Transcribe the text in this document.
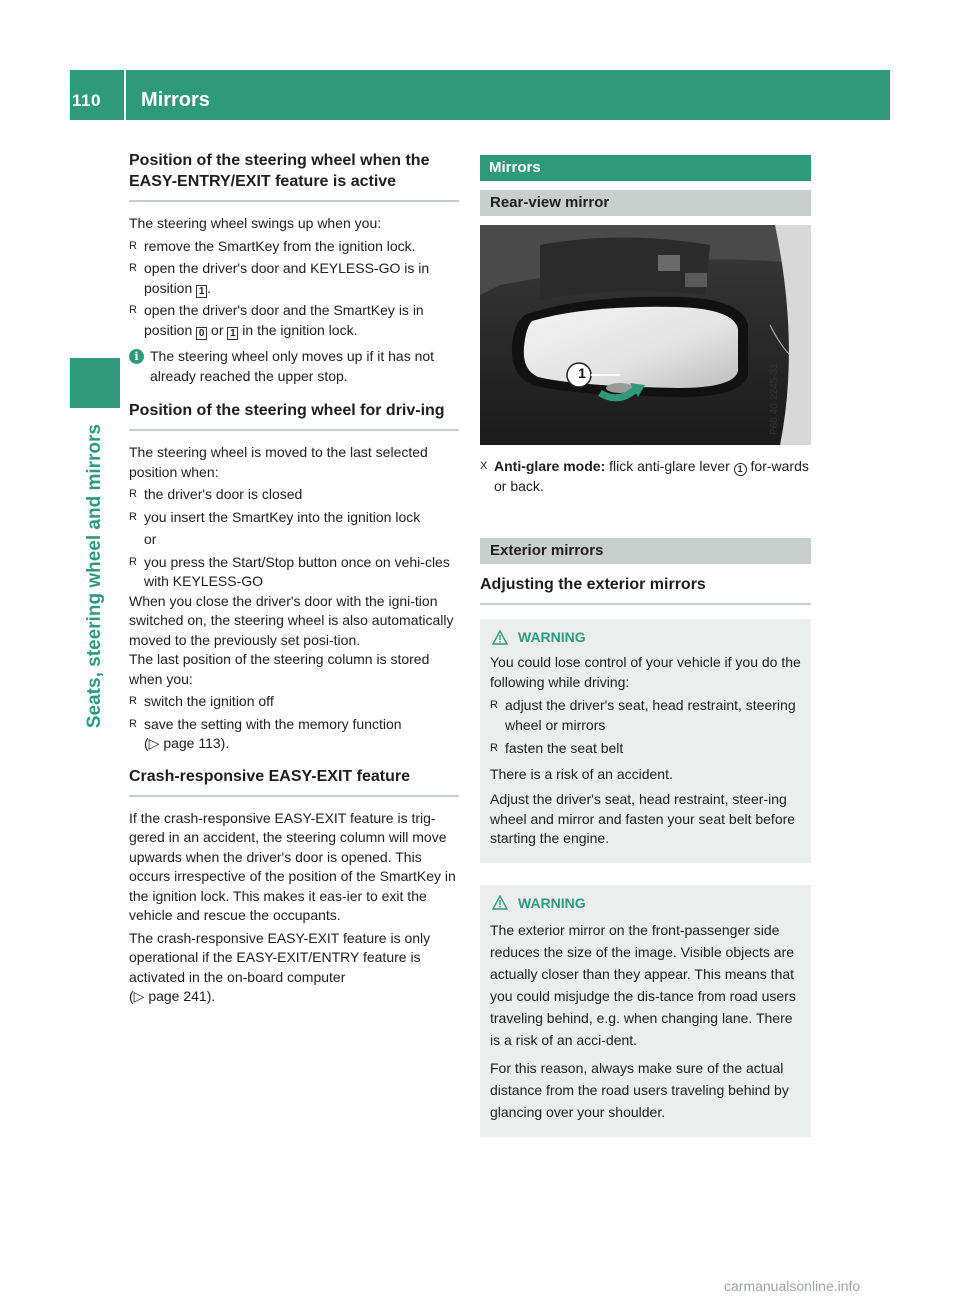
110	Mirrors
Seats, steering wheel and mirrors
Position of the steering wheel when the EASY-ENTRY/EXIT feature is active
The steering wheel swings up when you:
R remove the SmartKey from the ignition lock.
R open the driver's door and KEYLESS-GO is in position 1 .
R open the driver's door and the SmartKey is in position 0 or 1 in the ignition lock.
i The steering wheel only moves up if it has not already reached the upper stop.
Position of the steering wheel for driv-ing
The steering wheel is moved to the last selected position when:
R the driver's door is closed
R you insert the SmartKey into the ignition lock
or
R you press the Start/Stop button once on vehi-cles with KEYLESS-GO
When you close the driver's door with the igni-tion switched on, the steering wheel is also automatically moved to the previously set posi-tion.
The last position of the steering column is stored when you:
R switch the ignition off
R save the setting with the memory function
(▷ page 113).
Crash-responsive EASY-EXIT feature
If the crash-responsive EASY-EXIT feature is trig-gered in an accident, the steering column will move upwards when the driver's door is opened. This occurs irrespective of the position of the SmartKey in the ignition lock. This makes it eas-ier to exit the vehicle and rescue the occupants.
The crash-responsive EASY-EXIT feature is only operational if the EASY-EXIT/ENTRY feature is activated in the on-board computer
(▷ page 241).
Mirrors
Rear-view mirror
1	P68.40-2245-31
X Anti-glare mode: flick anti-glare lever 1 for-wards or back.
Exterior mirrors
Adjusting the exterior mirrors
WARNING
You could lose control of your vehicle if you do the following while driving:
R adjust the driver's seat, head restraint, steering wheel or mirrors
R fasten the seat belt
There is a risk of an accident.
Adjust the driver's seat, head restraint, steer-ing wheel and mirror and fasten your seat belt before starting the engine.
WARNING
The exterior mirror on the front-passenger side reduces the size of the image. Visible objects are actually closer than they appear. This means that you could misjudge the dis-tance from road users traveling behind, e.g. when changing lane. There is a risk of an acci-dent.
For this reason, always make sure of the actual distance from the road users traveling behind by glancing over your shoulder.
carmanualsonline.info
